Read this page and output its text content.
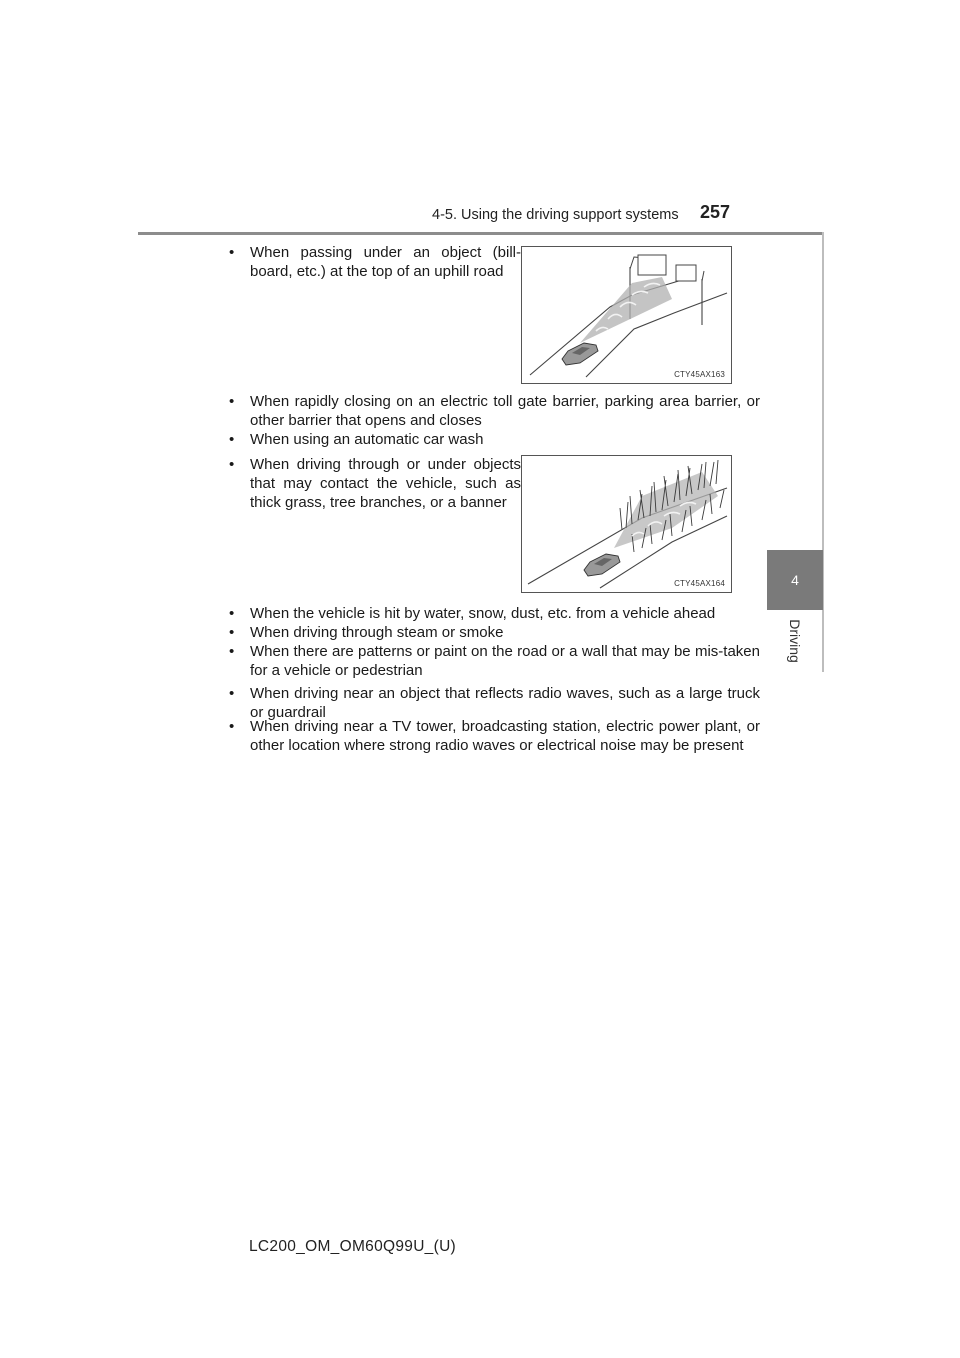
4-5. Using the driving support systems	257
4
Driving
• When passing under an object (bill-board, etc.) at the top of an uphill road
CTY45AX163
• When rapidly closing on an electric toll gate barrier, parking area barrier, or other barrier that opens and closes
• When using an automatic car wash
• When driving through or under objects that may contact the vehicle, such as thick grass, tree branches, or a banner
CTY45AX164
• When the vehicle is hit by water, snow, dust, etc. from a vehicle ahead
• When driving through steam or smoke
• When there are patterns or paint on the road or a wall that may be mis-taken for a vehicle or pedestrian
• When driving near an object that reflects radio waves, such as a large truck or guardrail
• When driving near a TV tower, broadcasting station, electric power plant, or other location where strong radio waves or electrical noise may be present
LC200_OM_OM60Q99U_(U)
